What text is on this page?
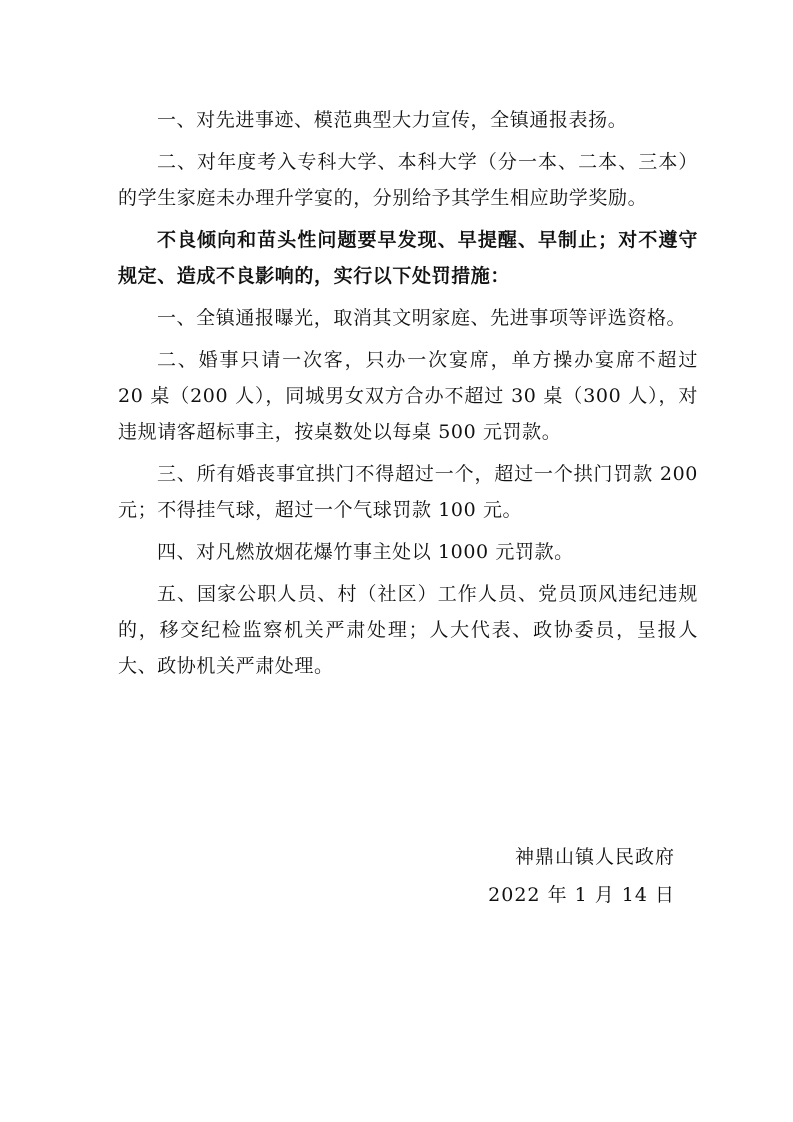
一、对先进事迹、模范典型大力宣传，全镇通报表扬。

二、对年度考入专科大学、本科大学（分一本、二本、三本）的学生家庭未办理升学宴的，分别给予其学生相应助学奖励。

不良倾向和苗头性问题要早发现、早提醒、早制止；对不遵守规定、造成不良影响的，实行以下处罚措施：

一、全镇通报曝光，取消其文明家庭、先进事项等评选资格。

二、婚事只请一次客，只办一次宴席，单方操办宴席不超过 20 桌（200 人），同城男女双方合办不超过 30 桌（300 人），对违规请客超标事主，按桌数处以每桌 500 元罚款。

三、所有婚丧事宜拱门不得超过一个，超过一个拱门罚款 200 元；不得挂气球，超过一个气球罚款 100 元。

四、对凡燃放烟花爆竹事主处以 1000 元罚款。

五、国家公职人员、村（社区）工作人员、党员顶风违纪违规的，移交纪检监察机关严肃处理；人大代表、政协委员，呈报人大、政协机关严肃处理。

神鼎山镇人民政府
2022 年 1 月 14 日
